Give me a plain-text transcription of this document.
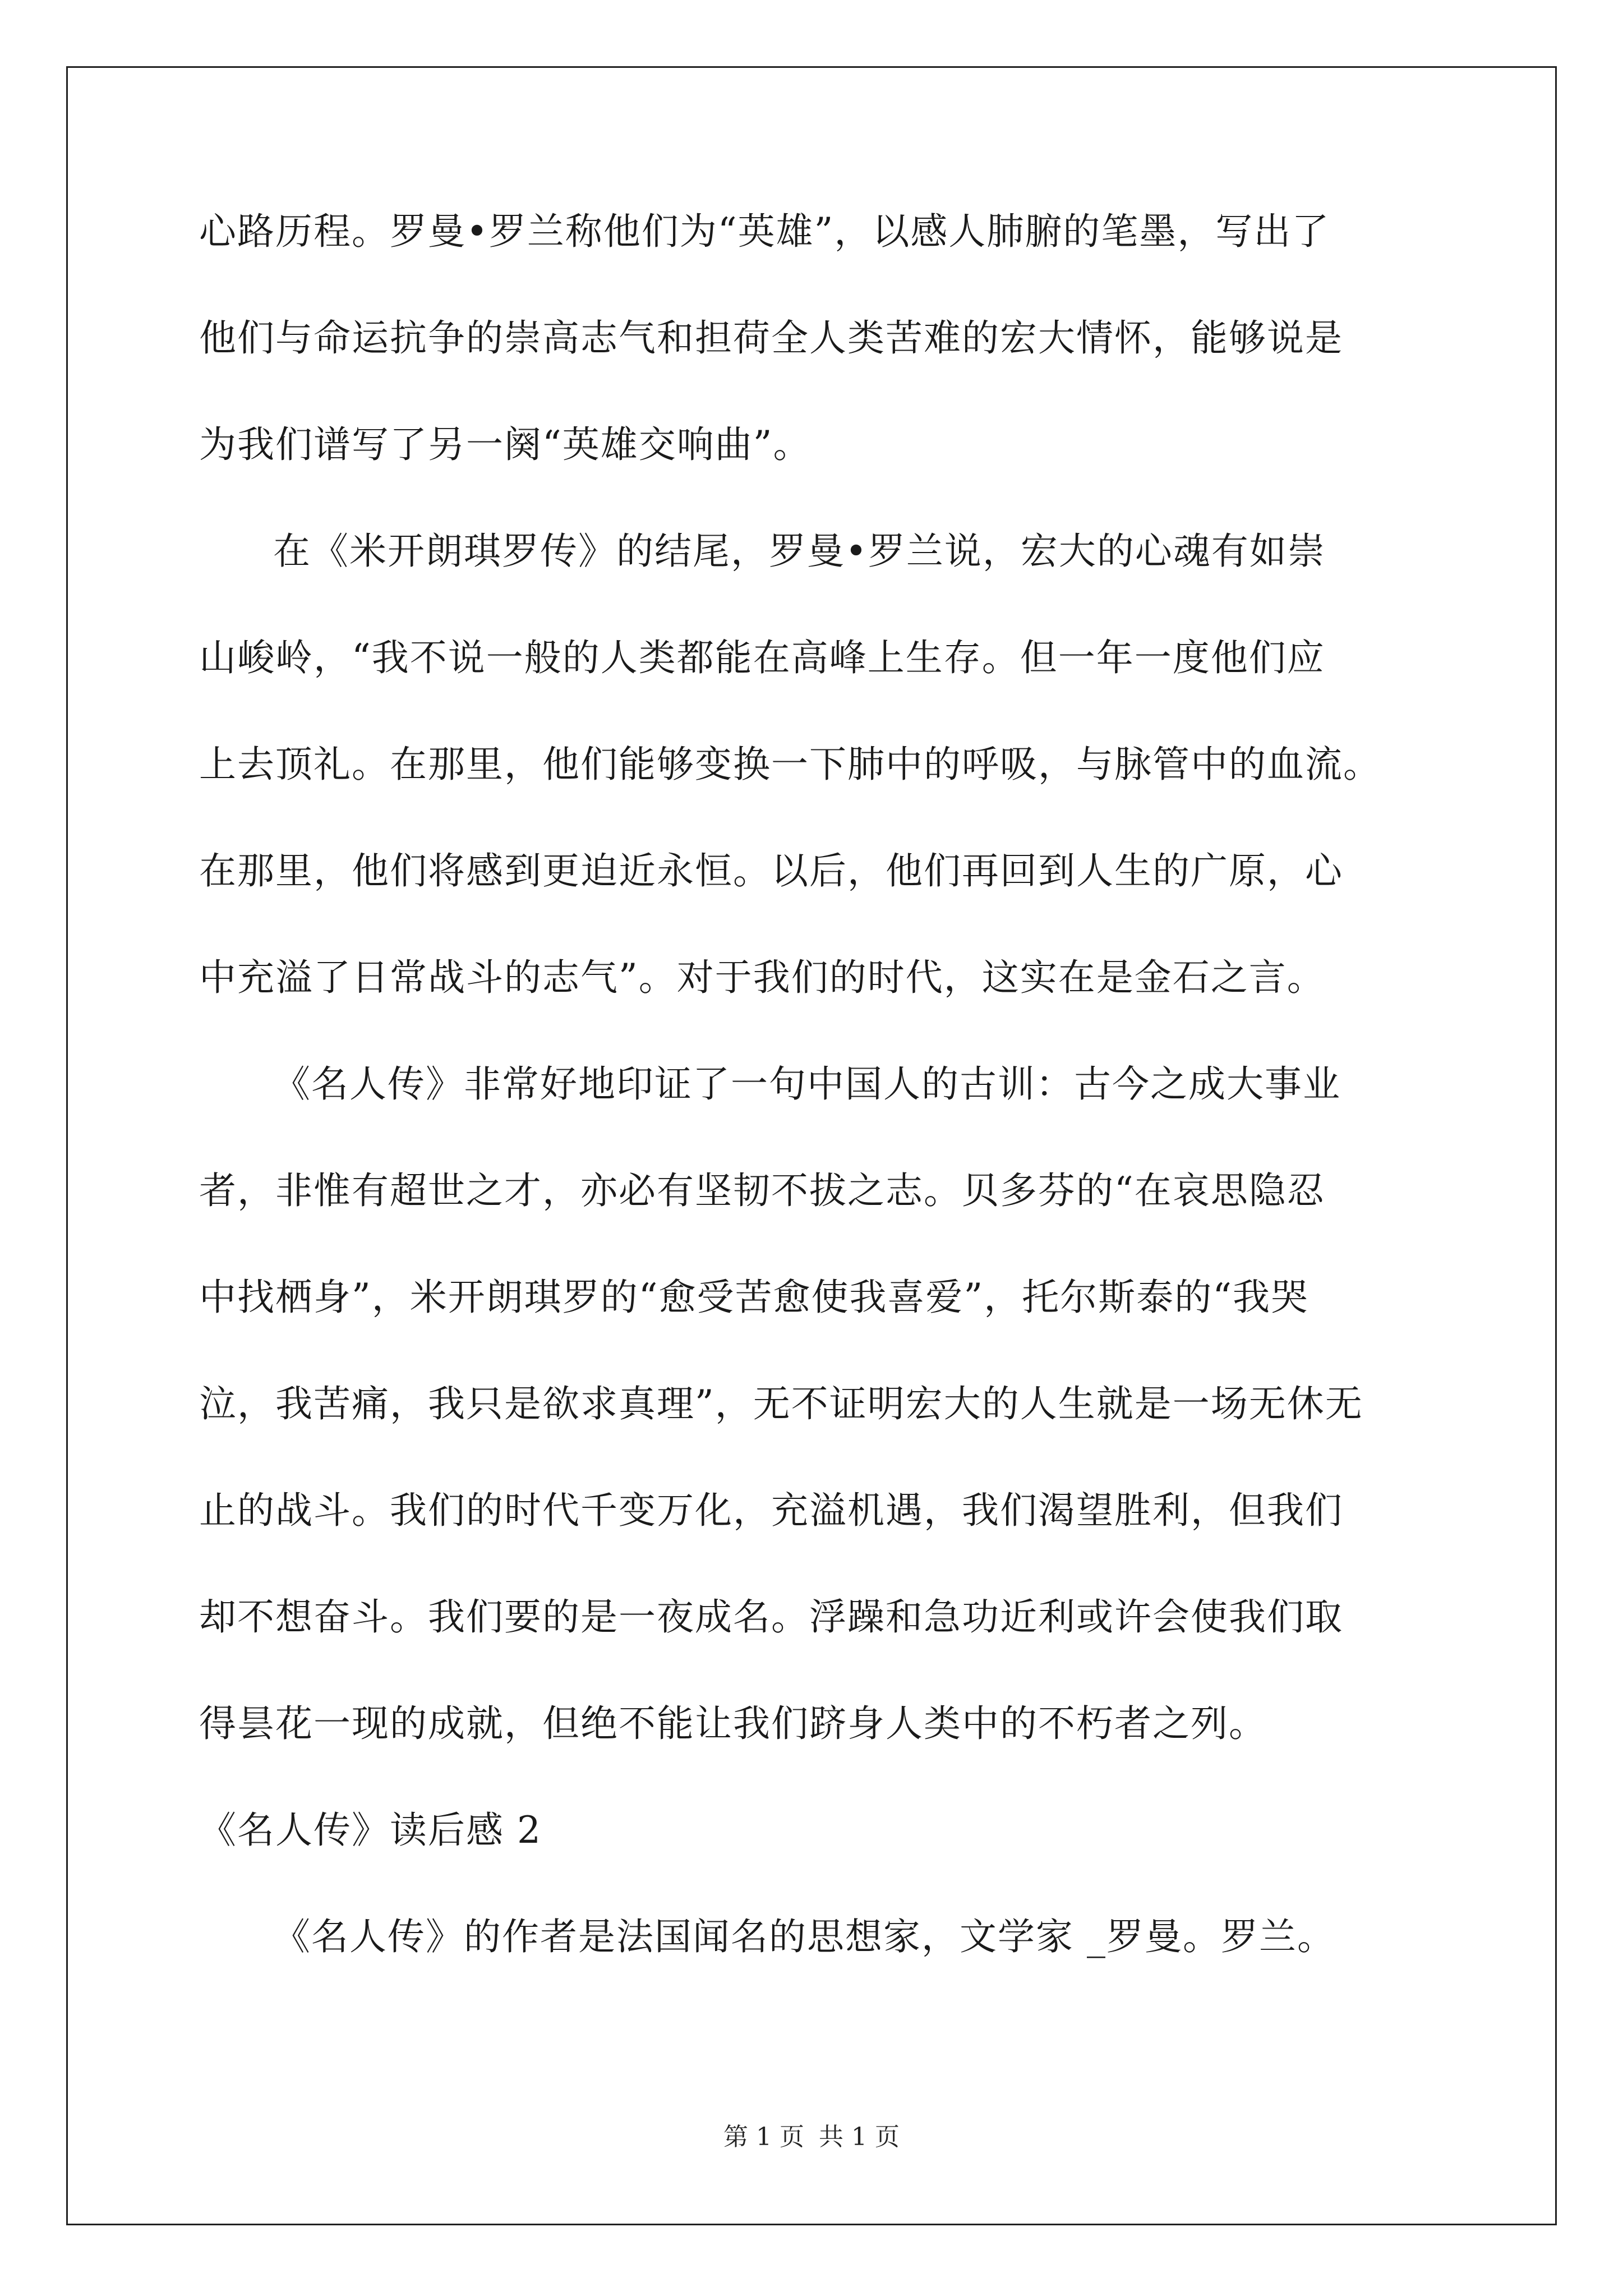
心路历程。罗曼•罗兰称他们为“英雄”，以感人肺腑的笔墨，写出了
他们与命运抗争的崇高志气和担荷全人类苦难的宏大情怀，能够说是
为我们谱写了另一阕“英雄交响曲”。
在《米开朗琪罗传》的结尾，罗曼•罗兰说，宏大的心魂有如崇
山峻岭，“我不说一般的人类都能在高峰上生存。但一年一度他们应
上去顶礼。在那里，他们能够变换一下肺中的呼吸，与脉管中的血流。
在那里，他们将感到更迫近永恒。以后，他们再回到人生的广原，心
中充溢了日常战斗的志气”。对于我们的时代，这实在是金石之言。
《名人传》非常好地印证了一句中国人的古训：古今之成大事业
者，非惟有超世之才，亦必有坚韧不拔之志。贝多芬的“在哀思隐忍
中找栖身”，米开朗琪罗的“愈受苦愈使我喜爱”，托尔斯泰的“我哭
泣，我苦痛，我只是欲求真理”，无不证明宏大的人生就是一场无休无
止的战斗。我们的时代千变万化，充溢机遇，我们渴望胜利，但我们
却不想奋斗。我们要的是一夜成名。浮躁和急功近利或许会使我们取
得昙花一现的成就，但绝不能让我们跻身人类中的不朽者之列。
《名人传》读后感 2
《名人传》的作者是法国闻名的思想家，文学家 _罗曼。罗兰。
第 1 页 共 1 页
